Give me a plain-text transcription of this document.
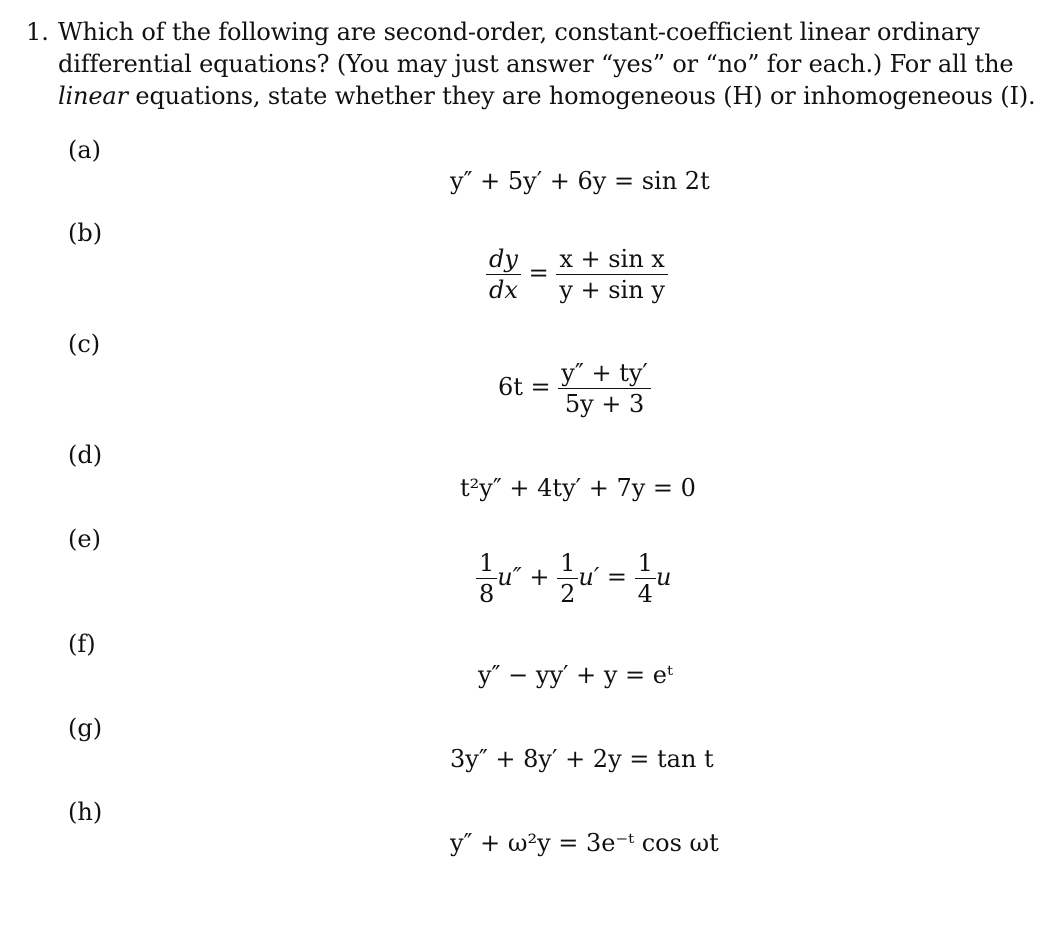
1. Which of the following are second-order, constant-coefficient linear ordinary
differential equations? (You may just answer “yes” or “no” for each.) For all the
linear equations, state whether they are homogeneous (H) or inhomogeneous (I).
(a)
y″ + 5y′ + 6y = sin 2t
(b)
$\frac{dy}{dx} = \frac{\text{x + sin x}}{\text{y + sin y}}$
(c)
$6t = \frac{y'' + ty'}{5y + 3}$
(d)
t²y″ + 4ty′ + 7y = 0
(e)
$\frac{1}{8} u'' + \frac{1}{2} u' = \frac{1}{4}$ u
(f)
y″ − yy′ + y = eᵗ
(g)
3y″ + 8y′ + 2y = tan t
(h)
y″ + ω²y = 3e⁻ᵗ cos ωt
